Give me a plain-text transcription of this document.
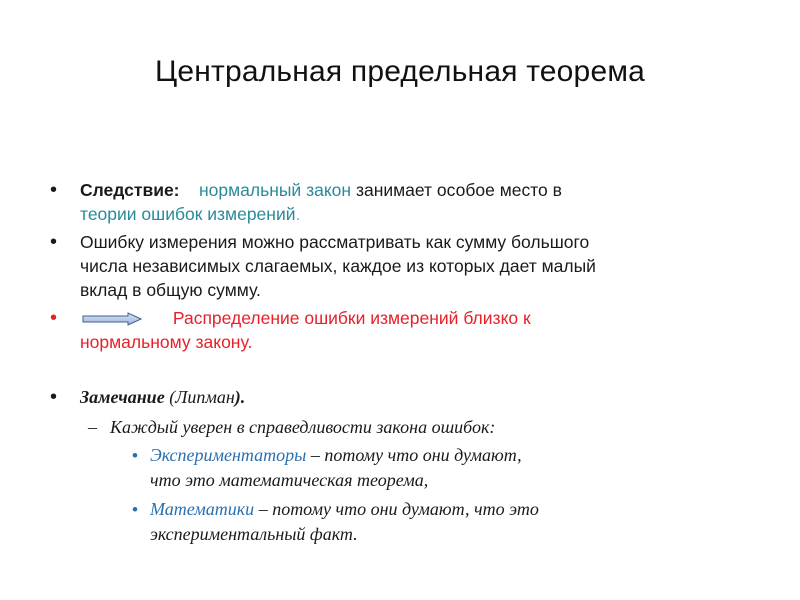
Центральная предельная теорема
• Следствие: нормальный закон занимает особое место в
теории ошибок измерений.
• Ошибку измерения можно рассматривать как сумму большого
числа независимых слагаемых, каждое из которых дает малый
вклад в общую сумму.
•	Распределение ошибки измерений близко к
нормальному закону.
• Замечание (Липман).
– Каждый уверен в справедливости закона ошибок:
• Экспериментаторы – потому что они думают,
что это математическая теорема,
• Математики – потому что они думают, что это
экспериментальный факт.
